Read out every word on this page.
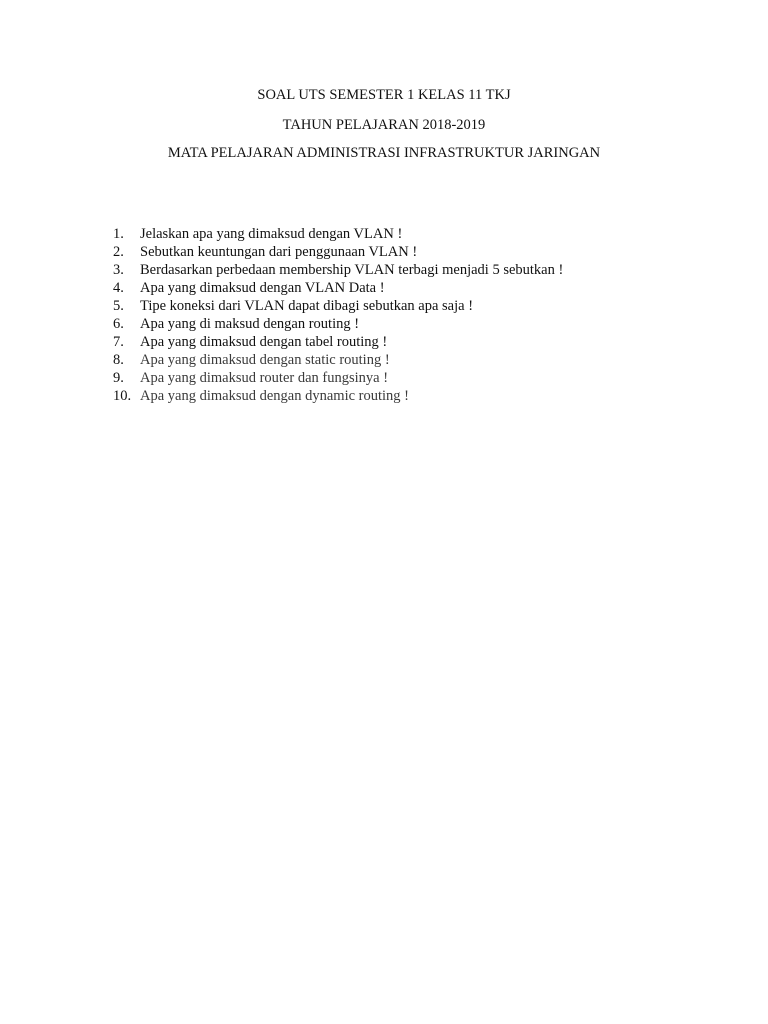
SOAL UTS SEMESTER 1 KELAS 11 TKJ
TAHUN PELAJARAN 2018-2019
MATA PELAJARAN ADMINISTRASI INFRASTRUKTUR JARINGAN
1.	Jelaskan apa yang dimaksud dengan VLAN !
2.	Sebutkan keuntungan dari penggunaan VLAN !
3.	Berdasarkan perbedaan membership VLAN terbagi menjadi 5 sebutkan !
4.	Apa yang dimaksud dengan VLAN Data !
5.	Tipe koneksi dari VLAN dapat dibagi sebutkan apa saja !
6.	Apa yang di maksud dengan routing !
7.	Apa yang dimaksud dengan tabel routing !
8.	Apa yang dimaksud dengan static routing !
9.	Apa yang dimaksud router dan fungsinya !
10. Apa yang dimaksud dengan dynamic routing !
